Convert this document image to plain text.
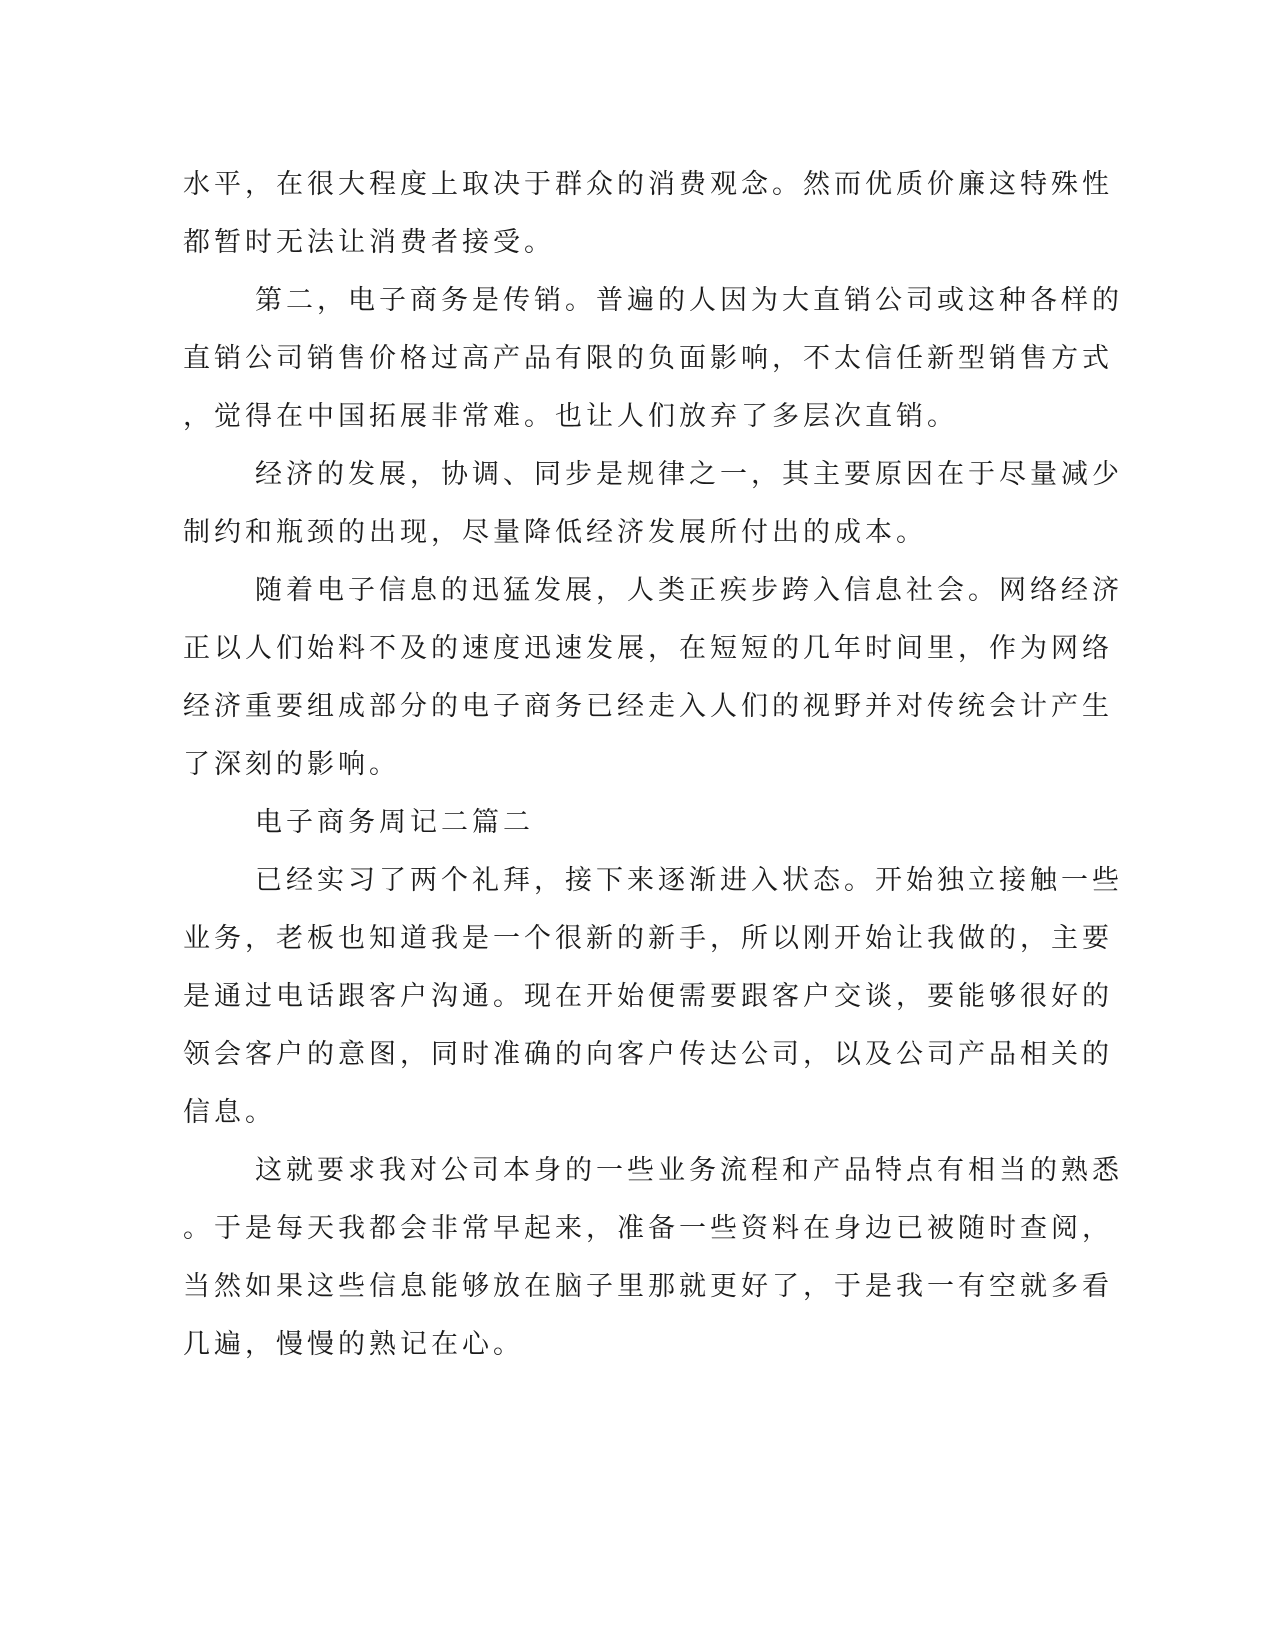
水平，在很大程度上取决于群众的消费观念。然而优质价廉这特殊性
都暂时无法让消费者接受。
第二，电子商务是传销。普遍的人因为大直销公司或这种各样的
直销公司销售价格过高产品有限的负面影响，不太信任新型销售方式
，觉得在中国拓展非常难。也让人们放弃了多层次直销。
经济的发展，协调、同步是规律之一，其主要原因在于尽量减少
制约和瓶颈的出现，尽量降低经济发展所付出的成本。
随着电子信息的迅猛发展，人类正疾步跨入信息社会。网络经济
正以人们始料不及的速度迅速发展，在短短的几年时间里，作为网络
经济重要组成部分的电子商务已经走入人们的视野并对传统会计产生
了深刻的影响。
电子商务周记二篇二
已经实习了两个礼拜，接下来逐渐进入状态。开始独立接触一些
业务，老板也知道我是一个很新的新手，所以刚开始让我做的，主要
是通过电话跟客户沟通。现在开始便需要跟客户交谈，要能够很好的
领会客户的意图，同时准确的向客户传达公司，以及公司产品相关的
信息。
这就要求我对公司本身的一些业务流程和产品特点有相当的熟悉
。于是每天我都会非常早起来，准备一些资料在身边已被随时查阅，
当然如果这些信息能够放在脑子里那就更好了，于是我一有空就多看
几遍，慢慢的熟记在心。
